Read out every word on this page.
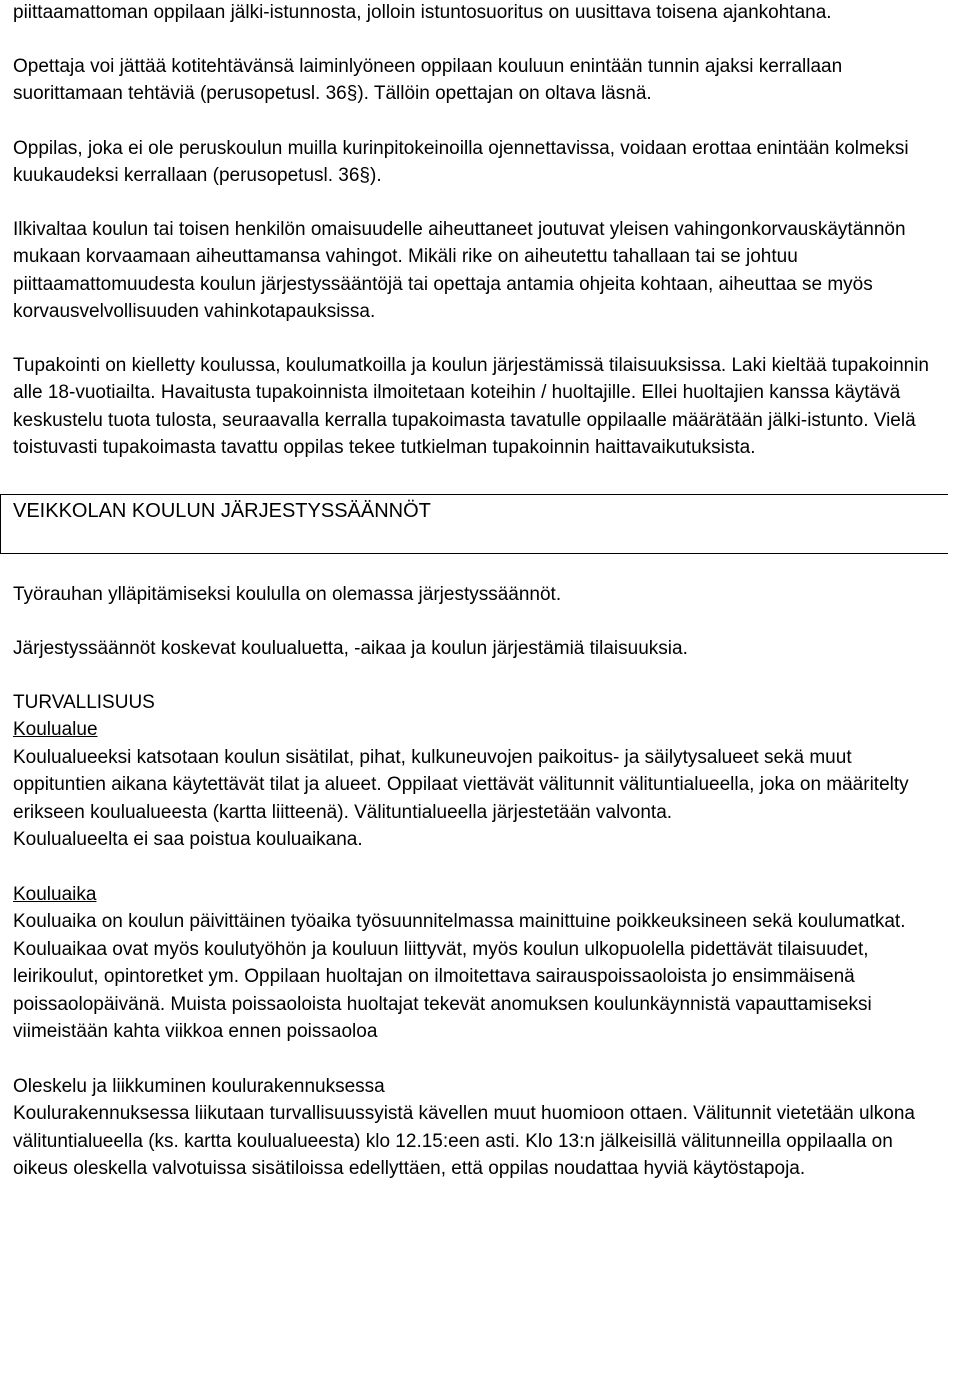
piittaamattoman oppilaan jälki-istunnosta, jolloin istuntosuoritus on uusittava toisena ajankohtana.

Opettaja voi jättää kotitehtävänsä laiminlyöneen oppilaan kouluun enintään tunnin ajaksi kerrallaan suorittamaan tehtäviä (perusopetusl. 36§). Tällöin opettajan on oltava läsnä.

Oppilas, joka ei ole peruskoulun muilla kurinpitokeinoilla ojennettavissa, voidaan erottaa enintään kolmeksi kuukaudeksi kerrallaan (perusopetusl. 36§).

Ilkivaltaa koulun tai toisen henkilön omaisuudelle aiheuttaneet joutuvat yleisen vahingonkorvauskäytännön mukaan korvaamaan aiheuttamansa vahingot. Mikäli rike on aiheutettu tahallaan tai se johtuu piittaamattomuudesta koulun järjestyssääntöjä tai opettaja antamia ohjeita kohtaan, aiheuttaa se myös korvausvelvollisuuden vahinkotapauksissa.

Tupakointi on kielletty koulussa, koulumatkoilla ja koulun järjestämissä tilaisuuksissa. Laki kieltää tupakoinnin alle 18-vuotiailta. Havaitusta tupakoinnista ilmoitetaan koteihin / huoltajille. Ellei huoltajien kanssa käytävä keskustelu tuota tulosta, seuraavalla kerralla tupakoimasta tavatulle oppilaalle määrätään jälki-istunto. Vielä toistuvasti tupakoimasta tavattu oppilas tekee tutkielman tupakoinnin haittavaikutuksista.

VEIKKOLAN KOULUN JÄRJESTYSSÄÄNNÖT

Työrauhan ylläpitämiseksi koululla on olemassa järjestyssäännöt.

Järjestyssäännöt koskevat koulualuetta, -aikaa ja koulun järjestämiä tilaisuuksia.

TURVALLISUUS

Koulualue

Koulualueeksi katsotaan koulun sisätilat, pihat, kulkuneuvojen paikoitus- ja säilytysalueet sekä muut oppituntien aikana käytettävät tilat ja alueet. Oppilaat viettävät välitunnit välituntialueella, joka on määritelty erikseen koulualueesta (kartta liitteenä). Välituntialueella järjestetään valvonta.

Koulualueelta ei saa poistua kouluaikana.

Kouluaika

Kouluaika on koulun päivittäinen työaika työsuunnitelmassa mainittuine poikkeuksineen sekä koulumatkat. Kouluaikaa ovat myös koulutyöhön ja kouluun liittyvät, myös koulun ulkopuolella pidettävät tilaisuudet, leirikoulut, opintoretket ym. Oppilaan huoltajan on ilmoitettava sairauspoissaoloista jo ensimmäisenä poissaolopäivänä. Muista poissaoloista huoltajat tekevät anomuksen koulunkäynnistä vapauttamiseksi viimeistään kahta viikkoa ennen poissaoloa

Oleskelu ja liikkuminen koulurakennuksessa

Koulurakennuksessa liikutaan turvallisuussyistä kävellen muut huomioon ottaen. Välitunnit vietetään ulkona välituntialueella (ks. kartta koulualueesta) klo 12.15:een asti. Klo 13:n jälkeisillä välitunneilla oppilaalla on oikeus oleskella valvotuissa sisätiloissa edellyttäen, että oppilas noudattaa hyviä käytöstapoja.
